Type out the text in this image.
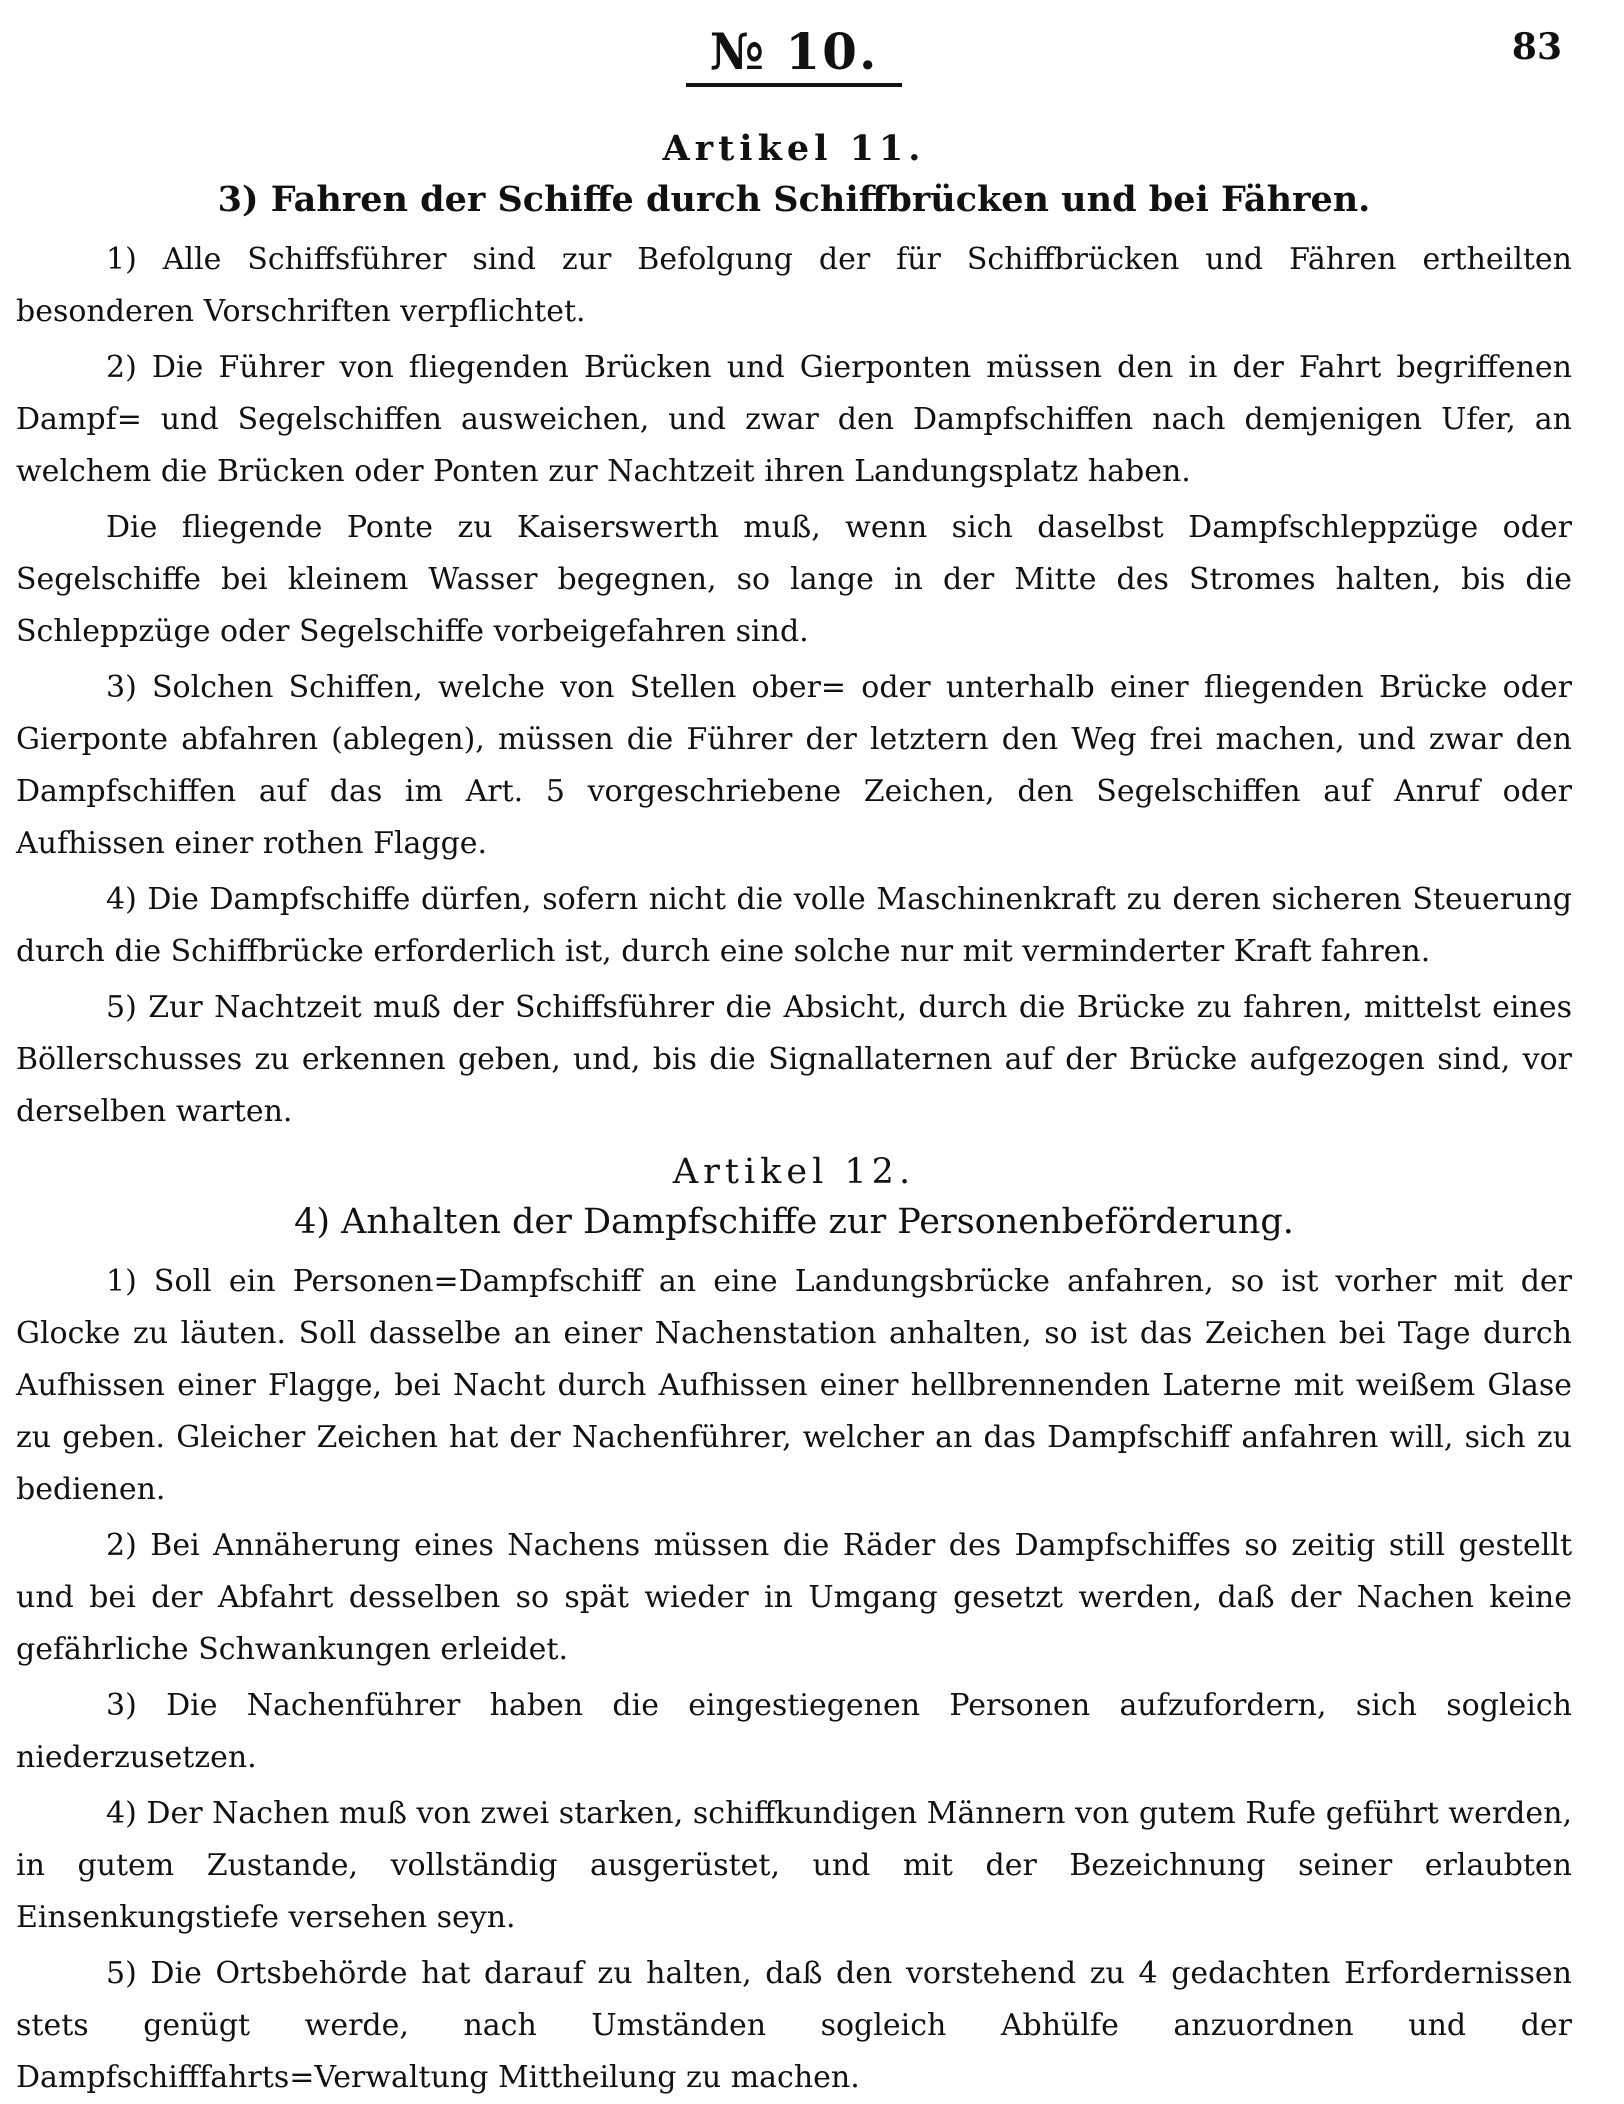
№ 10.	83
Artikel 11.
3) Fahren der Schiffe durch Schiffbrücken und bei Fähren.

1) Alle Schiffsführer sind zur Befolgung der für Schiffbrücken und Fähren ertheilten besonderen Vorschriften verpflichtet.

2) Die Führer von fliegenden Brücken und Gierponten müssen den in der Fahrt begriffenen Dampf= und Segelschiffen ausweichen, und zwar den Dampfschiffen nach demjenigen Ufer, an welchem die Brücken oder Ponten zur Nachtzeit ihren Landungsplatz haben.

Die fliegende Ponte zu Kaiserswerth muß, wenn sich daselbst Dampfschleppzüge oder Segelschiffe bei kleinem Wasser begegnen, so lange in der Mitte des Stromes halten, bis die Schleppzüge oder Segelschiffe vorbeigefahren sind.

3) Solchen Schiffen, welche von Stellen ober= oder unterhalb einer fliegenden Brücke oder Gierponte abfahren (ablegen), müssen die Führer der letztern den Weg frei machen, und zwar den Dampfschiffen auf das im Art. 5 vorgeschriebene Zeichen, den Segelschiffen auf Anruf oder Aufhissen einer rothen Flagge.

4) Die Dampfschiffe dürfen, sofern nicht die volle Maschinenkraft zu deren sicheren Steuerung durch die Schiffbrücke erforderlich ist, durch eine solche nur mit verminderter Kraft fahren.

5) Zur Nachtzeit muß der Schiffsführer die Absicht, durch die Brücke zu fahren, mittelst eines Böllerschusses zu erkennen geben, und, bis die Signallaternen auf der Brücke aufgezogen sind, vor derselben warten.

Artikel 12.
4) Anhalten der Dampfschiffe zur Personenbeförderung.

1) Soll ein Personen=Dampfschiff an eine Landungsbrücke anfahren, so ist vorher mit der Glocke zu läuten. Soll dasselbe an einer Nachenstation anhalten, so ist das Zeichen bei Tage durch Aufhissen einer Flagge, bei Nacht durch Aufhissen einer hellbrennenden Laterne mit weißem Glase zu geben. Gleicher Zeichen hat der Nachenführer, welcher an das Dampfschiff anfahren will, sich zu bedienen.

2) Bei Annäherung eines Nachens müssen die Räder des Dampfschiffes so zeitig still gestellt und bei der Abfahrt desselben so spät wieder in Umgang gesetzt werden, daß der Nachen keine gefährliche Schwankungen erleidet.

3) Die Nachenführer haben die eingestiegenen Personen aufzufordern, sich sogleich niederzusetzen.

4) Der Nachen muß von zwei starken, schiffkundigen Männern von gutem Rufe geführt werden, in gutem Zustande, vollständig ausgerüstet, und mit der Bezeichnung seiner erlaubten Einsenkungstiefe versehen seyn.

5) Die Ortsbehörde hat darauf zu halten, daß den vorstehend zu 4 gedachten Erfordernissen stets genügt werde, nach Umständen sogleich Abhülfe anzuordnen und der Dampfschifffahrts=Verwaltung Mittheilung zu machen.
